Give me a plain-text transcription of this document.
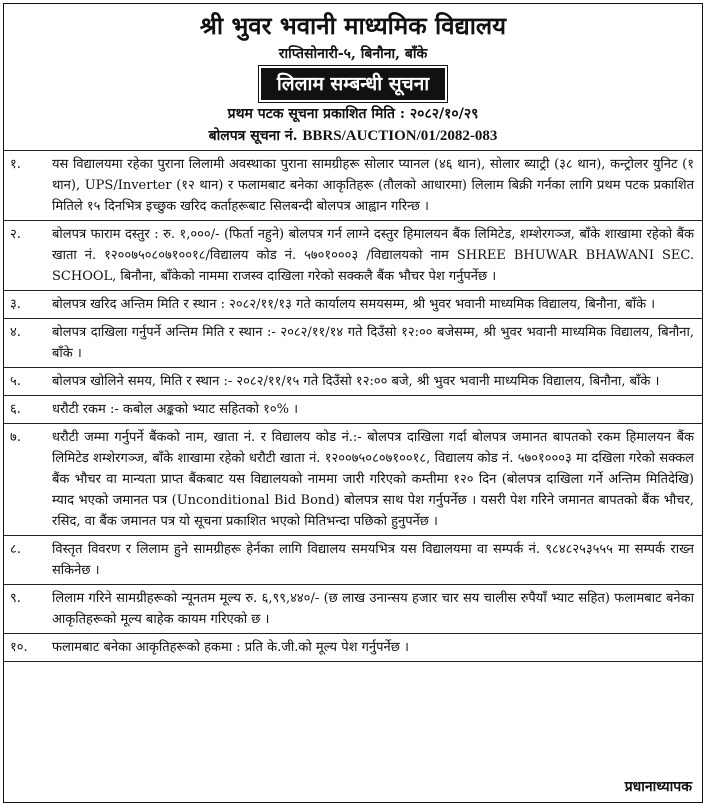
श्री भुवर भवानी माध्यमिक विद्यालय
राप्तिसोनारी-५, बिनौना, बाँके
लिलाम सम्बन्धी सूचना
प्रथम पटक सूचना प्रकाशित मिति : २०८२/१०/२९
बोलपत्र सूचना नं. BBRS/AUCTION/01/2082-083
१. यस विद्यालयमा रहेका पुराना लिलामी अवस्थाका पुराना सामग्रीहरू सोलार प्यानल (४६ थान), सोलार ब्याट्री (३८ थान), कन्ट्रोलर युनिट (१ थान), UPS/Inverter (१२ थान) र फलामबाट बनेका आकृतिहरू (तौलको आधारमा) लिलाम बिक्री गर्नका लागि प्रथम पटक प्रकाशित मितिले १५ दिनभित्र इच्छुक खरिद कर्ताहरूबाट सिलबन्दी बोलपत्र आह्वान गरिन्छ ।
२. बोलपत्र फाराम दस्तुर : रु. १,०००/- (फिर्ता नहुने) बोलपत्र गर्न लाग्ने दस्तुर हिमालयन बैंक लिमिटेड, शम्शेरगञ्ज, बाँके शाखामा रहेको बैंक खाता नं. १२००७५०८०७१००१८/विद्यालय कोड नं. ५७०१०००३ /विद्यालयको नाम SHREE BHUWAR BHAWANI SEC. SCHOOL, बिनौना, बाँकेको नाममा राजस्व दाखिला गरेको सक्कलै बैंक भौचर पेश गर्नुपर्नेछ ।
३. बोलपत्र खरिद अन्तिम मिति र स्थान : २०८२/११/१३ गते कार्यालय समयसम्म, श्री भुवर भवानी माध्यमिक विद्यालय, बिनौना, बाँके ।
४. बोलपत्र दाखिला गर्नुपर्ने अन्तिम मिति र स्थान :- २०८२/११/१४ गते दिउँसो १२:०० बजेसम्म, श्री भुवर भवानी माध्यमिक विद्यालय, बिनौना, बाँके ।
५. बोलपत्र खोलिने समय, मिति र स्थान :- २०८२/११/१५ गते दिउँसो १२:०० बजे, श्री भुवर भवानी माध्यमिक विद्यालय, बिनौना, बाँके ।
६. धरौटी रकम :- कबोल अङ्कको भ्याट सहितको १०% ।
७. धरौटी जम्मा गर्नुपर्ने बैंकको नाम, खाता नं. र विद्यालय कोड नं.:- बोलपत्र दाखिला गर्दा बोलपत्र जमानत बापतको रकम हिमालयन बैंक लिमिटेड शम्शेरगञ्ज, बाँके शाखामा रहेको धरौटी खाता नं. १२००७५०८०७१००१८, विद्यालय कोड नं. ५७०१०००३ मा दखिला गरेको सक्कल बैंक भौचर वा मान्यता प्राप्त बैंकबाट यस विद्यालयको नाममा जारी गरिएको कम्तीमा १२० दिन (बोलपत्र दाखिला गर्ने अन्तिम मितिदेखि) म्याद भएको जमानत पत्र (Unconditional Bid Bond) बोलपत्र साथ पेश गर्नुपर्नेछ । यसरी पेश गरिने जमानत बापतको बैंक भौचर, रसिद, वा बैंक जमानत पत्र यो सूचना प्रकाशित भएको मितिभन्दा पछिको हुनुपर्नेछ ।
८. विस्तृत विवरण र लिलाम हुने सामग्रीहरू हेर्नका लागि विद्यालय समयभित्र यस विद्यालयमा वा सम्पर्क नं. ९८४८२५३५५५ मा सम्पर्क राख्न सकिनेछ ।
९. लिलाम गरिने सामग्रीहरूको न्यूनतम मूल्य रु. ६,९९,४४०/- (छ लाख उनान्सय हजार चार सय चालीस रुपैयाँ भ्याट सहित) फलामबाट बनेका आकृतिहरूको मूल्य बाहेक कायम गरिएको छ ।
१०. फलामबाट बनेका आकृतिहरूको हकमा : प्रति के.जी.को मूल्य पेश गर्नुपर्नेछ ।
प्रधानाध्यापक
